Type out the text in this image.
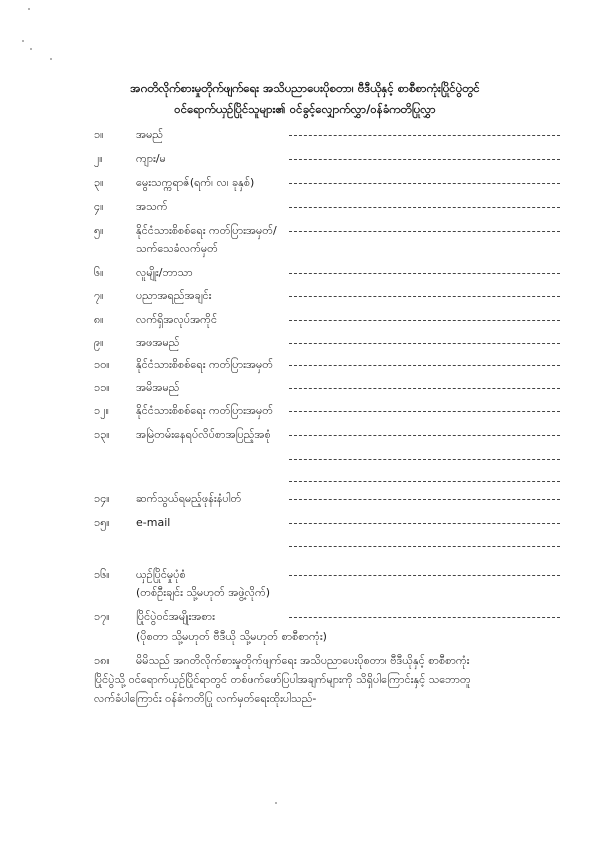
အဂတိလိုက်စားမှုတိုက်ဖျက်ရေး အသိပညာပေးပိုစတာ၊ ဗီဒီယိုနှင့် စာစီစာကုံးပြိုင်ပွဲတွင်
ဝင်ရောက်ယှဉ်ပြိုင်သူများ၏ ဝင်ခွင့်လျှောက်လွှာ/ဝန်ခံကတိပြုလွှာ
၁။	အမည်
၂။	ကျား/မ
၃။	မွေးသက္ကရာဇ်(ရက်၊ လ၊ ခုနှစ်)
၄။	အသက်
၅။	နိုင်ငံသားစိစစ်ရေး ကတ်ပြားအမှတ်/
သက်သေခံလက်မှတ်
၆။	လူမျိုး/ဘာသာ
၇။	ပညာအရည်အချင်း
၈။	လက်ရှိအလုပ်အကိုင်
၉။	အဖအမည်
၁၀။ နိုင်ငံသားစိစစ်ရေး ကတ်ပြားအမှတ်
၁၁။ အမိအမည်
၁၂။ နိုင်ငံသားစိစစ်ရေး ကတ်ပြားအမှတ်
၁၃။ အမြဲတမ်းနေရပ်လိပ်စာအပြည့်အစုံ
၁၄။ ဆက်သွယ်ရမည့်ဖုန်းနံပါတ်
၁၅။ e-mail
၁၆။ ယှဉ်ပြိုင်မှုပုံစံ
(တစ်ဦးချင်း သို့မဟုတ် အဖွဲ့လိုက်)
၁၇။ ပြိုင်ပွဲဝင်အမျိုးအစား
(ပိုစတာ သို့မဟုတ် ဗီဒီယို သို့မဟုတ် စာစီစာကုံး)
၁၈။ မိမိသည် အဂတိလိုက်စားမှုတိုက်ဖျက်ရေး အသိပညာပေးပိုစတာ၊ ဗီဒီယိုနှင့် စာစီစာကုံး
ပြိုင်ပွဲသို့ ဝင်ရောက်ယှဉ်ပြိုင်ရာတွင် တစ်ဖက်ဖော်ပြပါအချက်များကို သိရှိပါကြောင်းနှင့် သဘောတူ
လက်ခံပါကြောင်း ဝန်ခံကတိပြု လက်မှတ်ရေးထိုးပါသည်-
